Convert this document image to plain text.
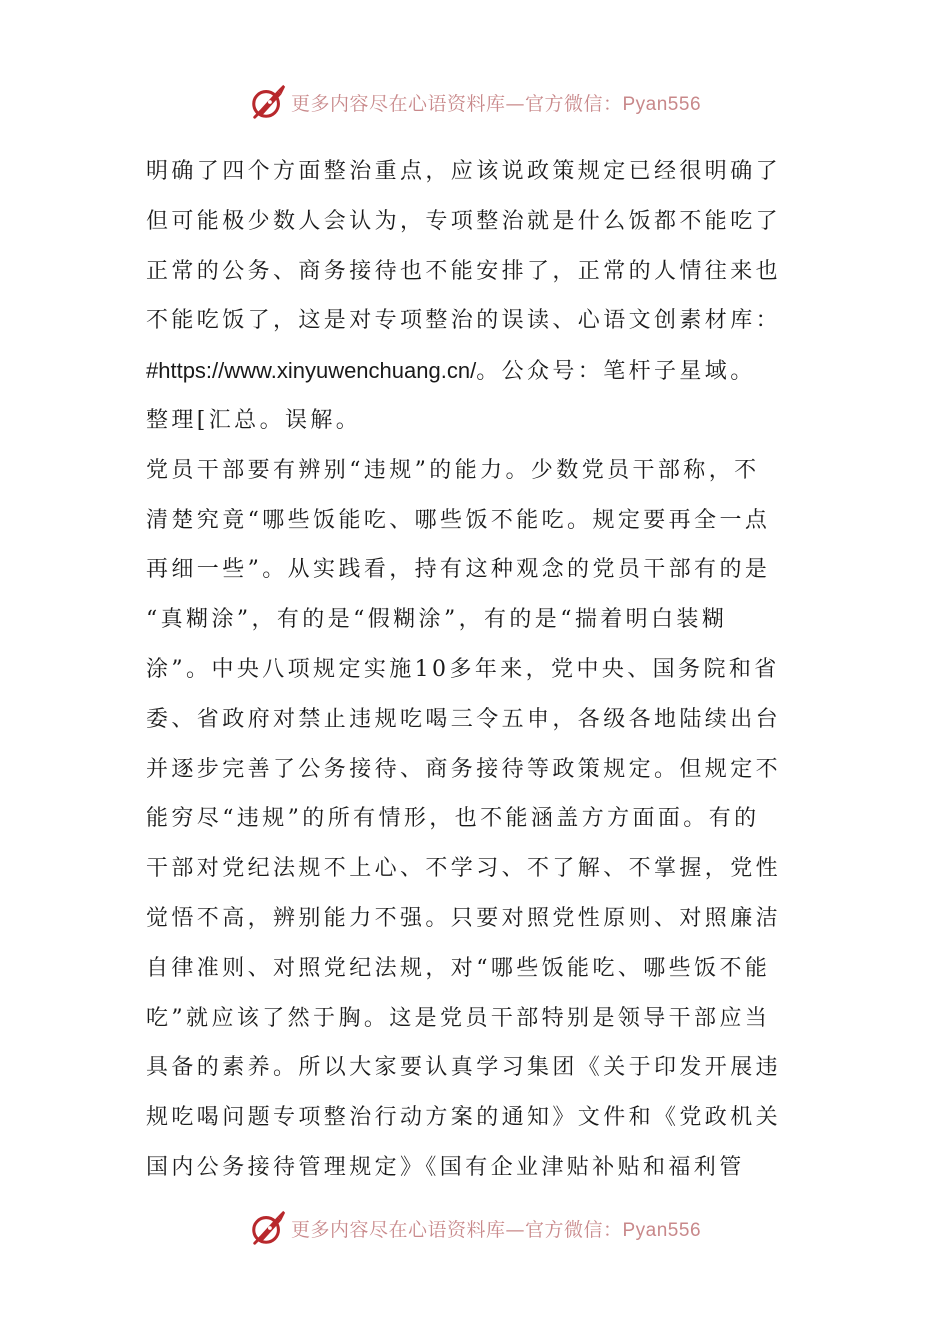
更多内容尽在心语资料库—官方微信：Pyan556
明确了四个方面整治重点，应该说政策规定已经很明确了
但可能极少数人会认为，专项整治就是什么饭都不能吃了
正常的公务、商务接待也不能安排了，正常的人情往来也
不能吃饭了，这是对专项整治的误读、心语文创素材库：
#https://www.xinyuwenchuang.cn/。公众号：笔杆子星域。
整理[汇总。误解。
党员干部要有辨别“违规”的能力。少数党员干部称，不
清楚究竟“哪些饭能吃、哪些饭不能吃。规定要再全一点
再细一些”。从实践看，持有这种观念的党员干部有的是
“真糊涂”，有的是“假糊涂”，有的是“揣着明白装糊
涂”。中央八项规定实施10多年来，党中央、国务院和省
委、省政府对禁止违规吃喝三令五申，各级各地陆续出台
并逐步完善了公务接待、商务接待等政策规定。但规定不
能穷尽“违规”的所有情形，也不能涵盖方方面面。有的
干部对党纪法规不上心、不学习、不了解、不掌握，党性
觉悟不高，辨别能力不强。只要对照党性原则、对照廉洁
自律准则、对照党纪法规，对“哪些饭能吃、哪些饭不能
吃”就应该了然于胸。这是党员干部特别是领导干部应当
具备的素养。所以大家要认真学习集团《关于印发开展违
规吃喝问题专项整治行动方案的通知》文件和《党政机关
国内公务接待管理规定》《国有企业津贴补贴和福利管
更多内容尽在心语资料库—官方微信：Pyan556
